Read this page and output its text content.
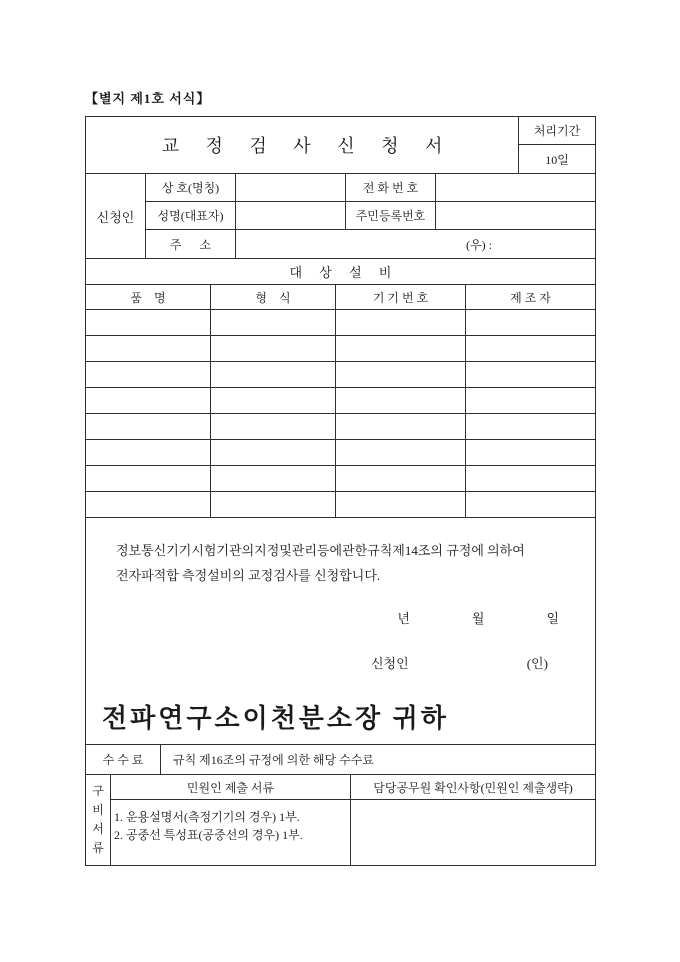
【별지 제1호 서식】
교 정 검 사 신 청 서
처리기간
10일
신청인
상 호(명칭)	전 화 번 호
성명(대표자)	주민등록번호
주      소	(우) :
대 상 설 비
품    명	형    식	기 기 번 호	제 조 자

정보통신기기시험기관의지정및관리등에관한규칙제14조의 규정에 의하여
전자파적합 측정설비의 교정검사를 신청합니다.

년	월	일
신청인	(인)
전파연구소이천분소장 귀하
수 수 료	규칙 제16조의 규정에 의한 해당 수수료
구
비
서
류
민원인 제출 서류	담당공무원 확인사항(민원인 제출생략)
1. 운용설명서(측정기기의 경우) 1부.
2. 공중선 특성표(공중선의 경우) 1부.
